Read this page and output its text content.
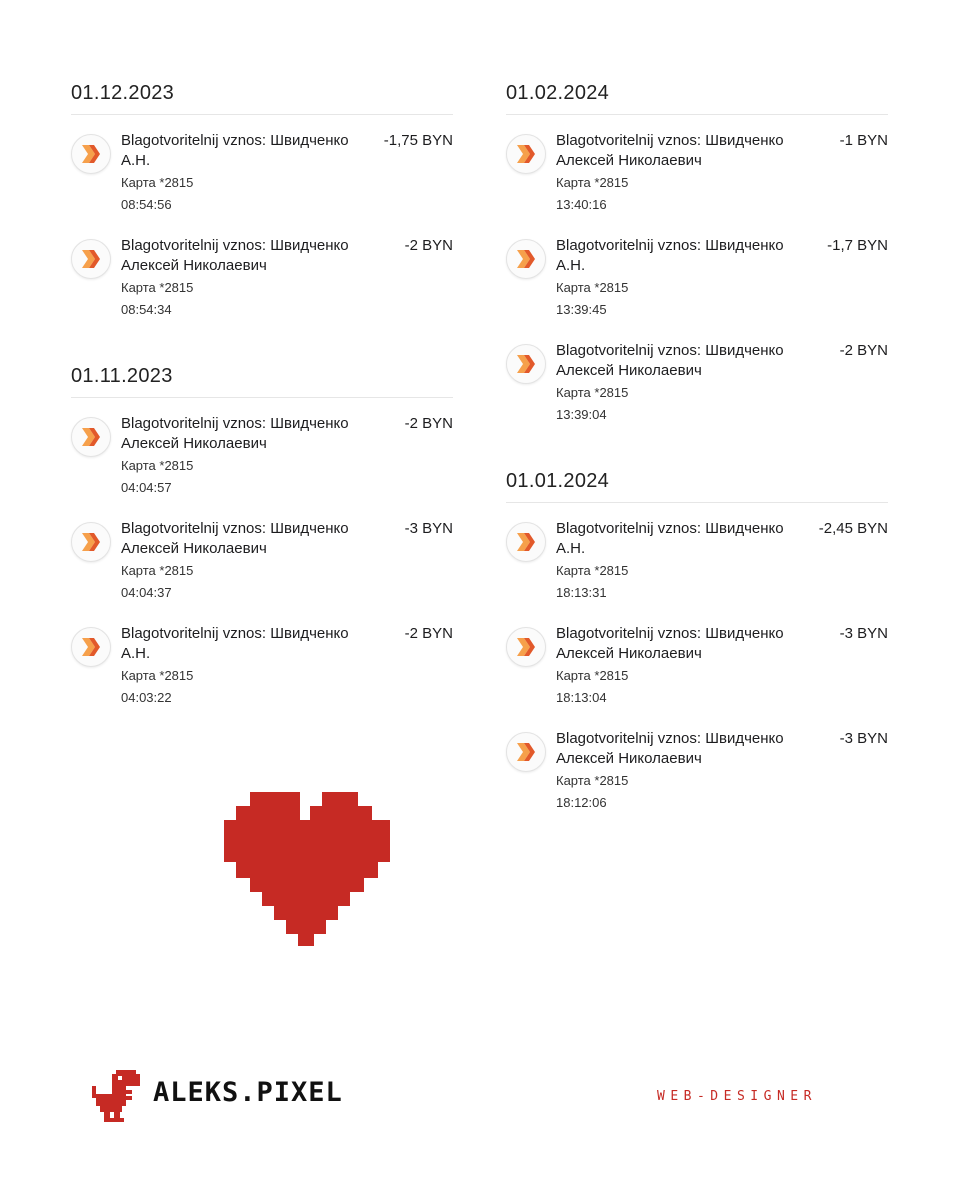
01.12.2023
Blagotvoritelnij vznos: Швидченко А.Н.
-1,75 BYN
Карта *2815
08:54:56
Blagotvoritelnij vznos: Швидченко Алексей Николаевич
-2 BYN
Карта *2815
08:54:34
01.11.2023
Blagotvoritelnij vznos: Швидченко Алексей Николаевич
-2 BYN
Карта *2815
04:04:57
Blagotvoritelnij vznos: Швидченко Алексей Николаевич
-3 BYN
Карта *2815
04:04:37
Blagotvoritelnij vznos: Швидченко А.Н.
-2 BYN
Карта *2815
04:03:22
01.02.2024
Blagotvoritelnij vznos: Швидченко Алексей Николаевич
-1 BYN
Карта *2815
13:40:16
Blagotvoritelnij vznos: Швидченко А.Н.
-1,7 BYN
Карта *2815
13:39:45
Blagotvoritelnij vznos: Швидченко Алексей Николаевич
-2 BYN
Карта *2815
13:39:04
01.01.2024
Blagotvoritelnij vznos: Швидченко А.Н.
-2,45 BYN
Карта *2815
18:13:31
Blagotvoritelnij vznos: Швидченко Алексей Николаевич
-3 BYN
Карта *2815
18:13:04
Blagotvoritelnij vznos: Швидченко Алексей Николаевич
-3 BYN
Карта *2815
18:12:06
ALEKS.PIXEL	WEB-DESIGNER
